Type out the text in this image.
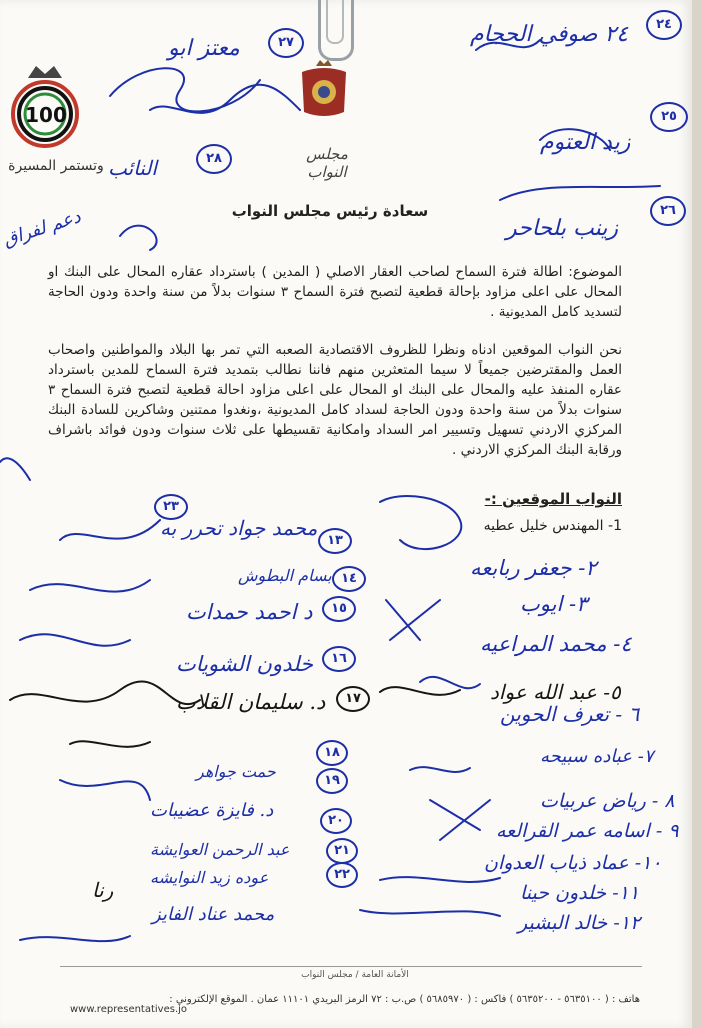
100
وتستمر المسيرة
مجلس النواب
سعادة رئيس مجلس النواب
الموضوع: اطالة فترة السماح لصاحب العقار الاصلي ( المدين ) باسترداد عقاره المحال على البنك او المحال على اعلى مزاود بإحالة قطعية لتصبح فترة السماح ٣ سنوات بدلاً من سنة واحدة ودون الحاجة لتسديد كامل المديونية .
نحن النواب الموقعين ادناه ونظرا للظروف الاقتصادية الصعبه التي تمر بها البلاد والمواطنين واصحاب العمل والمقترضين جميعاً لا سيما المتعثرين منهم فاننا نطالب بتمديد فترة السماح للمدين باسترداد عقاره المنفذ عليه والمحال على البنك او المحال على اعلى مزاود احالة قطعية لتصبح فترة السماح ٣ سنوات بدلاً من سنة واحدة ودون الحاجة لسداد كامل المديونية ،ونغدوا ممتنين وشاكرين للسادة البنك المركزي الاردني تسهيل وتسيير امر السداد وامكانية تقسيطها على ثلاث سنوات ودون فوائد باشراف ورقابة البنك المركزي الاردني .
النواب الموقعين :-
1- المهندس خليل عطيه
٢٤
٢٤ صوفي الحجام
٢٧
معتز ابو
٢٥
زيد العتوم
٢٨
النائب
٢٦
زينب بلحاحر
دعم لفراق
٢٣
٢- جعفر ربابعه
٣- ايوب
٤- محمد المراعيه
٥- عبد الله عواد
٦ - تعرف الحوين
٧- عباده سبيحه
٨ - رياض عربيات
٩ - اسامه عمر القرالعه
١٠- عماد ذياب العدوان
١١- خلدون حينا
١٢- خالد البشير
١٣
محمد جواد تحرر به
١٤
بسام البطوش
١٥
د احمد حمدات
١٦
خلدون الشويات
١٧
د. سليمان القلاب
١٨
١٩
حمت جواهر
د. فايزة عضيبات	٢٠
عبد الرحمن العوايشة	٢١
عوده زيد النوايشه	٢٢
محمد عناد الفايز
رنا
الأمانة العامة / مجلس النواب
هاتف : ( ٥٦٣٥١٠٠ - ٥٦٣٥٢٠٠ ) فاكس : ( ٥٦٨٥٩٧٠ ) ص.ب : ٧٢ الرمز البريدي ١١١٠١ عمان . الموقع الإلكتروني :
www.representatives.jo
